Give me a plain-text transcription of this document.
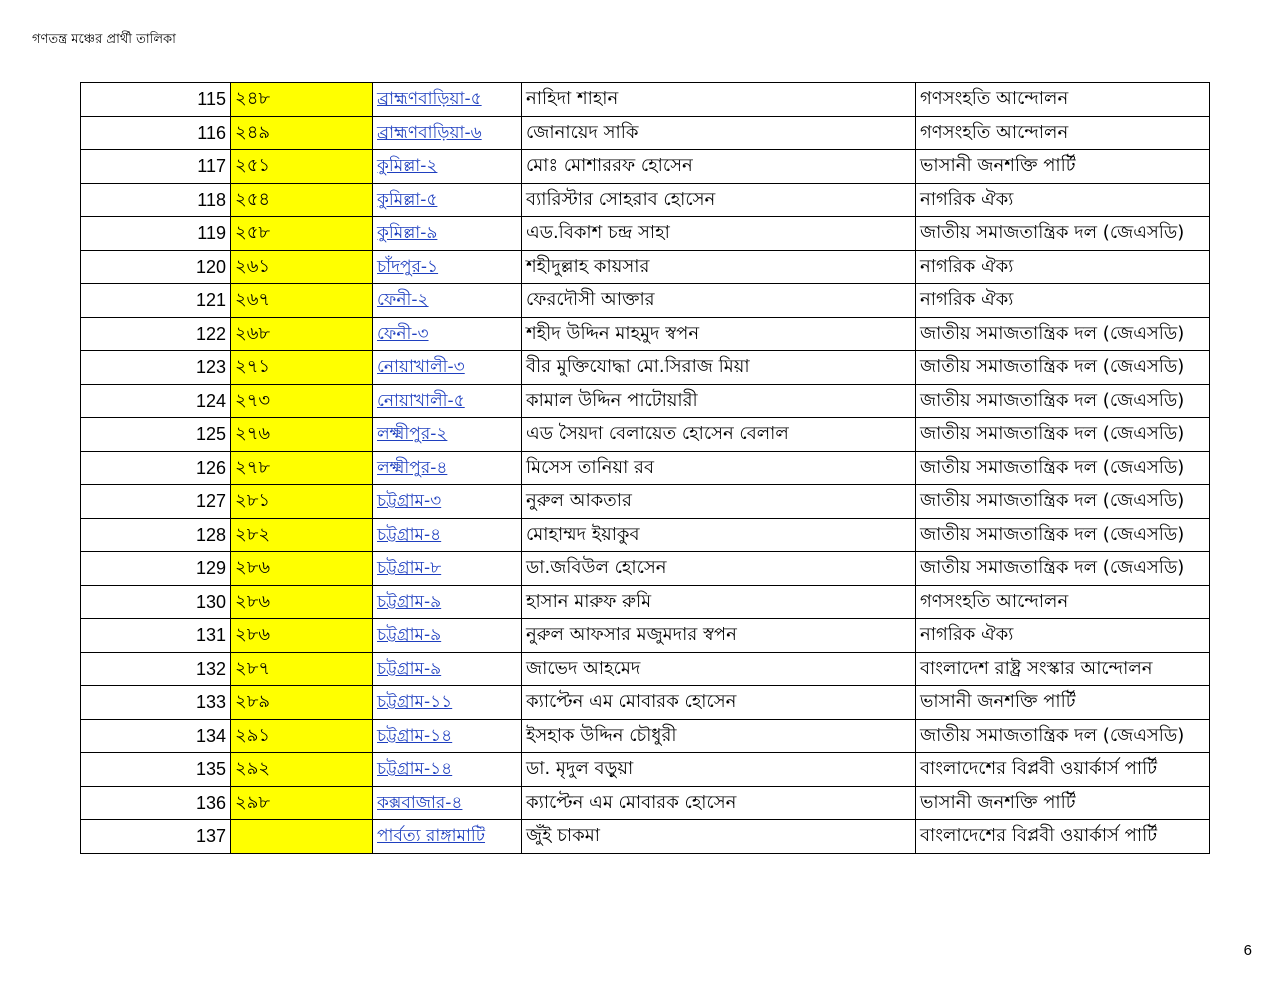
গণতন্ত্র মঞ্চের প্রার্থী তালিকা
115	২৪৮	ব্রাহ্মণবাড়িয়া-৫	নাহিদা শাহান	গণসংহতি আন্দোলন
116	২৪৯	ব্রাহ্মণবাড়িয়া-৬	জোনায়েদ সাকি	গণসংহতি আন্দোলন
117	২৫১	কুমিল্লা-২	মোঃ মোশাররফ হোসেন	ভাসানী জনশক্তি পার্টি
118	২৫৪	কুমিল্লা-৫	ব্যারিস্টার সোহরাব হোসেন	নাগরিক ঐক্য
119	২৫৮	কুমিল্লা-৯	এড.বিকাশ চন্দ্র সাহা	জাতীয় সমাজতান্ত্রিক দল (জেএসডি)
120	২৬১	চাঁদপুর-১	শহীদুল্লাহ কায়সার	নাগরিক ঐক্য
121	২৬৭	ফেনী-২	ফেরদৌসী আক্তার	নাগরিক ঐক্য
122	২৬৮	ফেনী-৩	শহীদ উদ্দিন মাহমুদ স্বপন	জাতীয় সমাজতান্ত্রিক দল (জেএসডি)
123	২৭১	নোয়াখালী-৩	বীর মুক্তিযোদ্ধা মো.সিরাজ মিয়া	জাতীয় সমাজতান্ত্রিক দল (জেএসডি)
124	২৭৩	নোয়াখালী-৫	কামাল উদ্দিন পাটোয়ারী	জাতীয় সমাজতান্ত্রিক দল (জেএসডি)
125	২৭৬	লক্ষ্মীপুর-২	এড সৈয়দা বেলায়েত হোসেন বেলাল	জাতীয় সমাজতান্ত্রিক দল (জেএসডি)
126	২৭৮	লক্ষ্মীপুর-৪	মিসেস তানিয়া রব	জাতীয় সমাজতান্ত্রিক দল (জেএসডি)
127	২৮১	চট্টগ্রাম-৩	নুরুল আকতার	জাতীয় সমাজতান্ত্রিক দল (জেএসডি)
128	২৮২	চট্টগ্রাম-৪	মোহাম্মদ ইয়াকুব	জাতীয় সমাজতান্ত্রিক দল (জেএসডি)
129	২৮৬	চট্টগ্রাম-৮	ডা.জবিউল হোসেন	জাতীয় সমাজতান্ত্রিক দল (জেএসডি)
130	২৮৬	চট্টগ্রাম-৯	হাসান মারুফ রুমি	গণসংহতি আন্দোলন
131	২৮৬	চট্টগ্রাম-৯	নুরুল আফসার মজুমদার স্বপন	নাগরিক ঐক্য
132	২৮৭	চট্টগ্রাম-৯	জাভেদ আহমেদ	বাংলাদেশ রাষ্ট্র সংস্কার আন্দোলন
133	২৮৯	চট্টগ্রাম-১১	ক্যাপ্টেন এম মোবারক হোসেন	ভাসানী জনশক্তি পার্টি
134	২৯১	চট্টগ্রাম-১৪	ইসহাক উদ্দিন চৌধুরী	জাতীয় সমাজতান্ত্রিক দল (জেএসডি)
135	২৯২	চট্টগ্রাম-১৪	ডা. মৃদুল বড়ুয়া	বাংলাদেশের বিপ্লবী ওয়ার্কার্স পার্টি
136	২৯৮	কক্সবাজার-৪	ক্যাপ্টেন এম মোবারক হোসেন	ভাসানী জনশক্তি পার্টি
137		পার্বত্য রাঙ্গামাটি	জুঁই চাকমা	বাংলাদেশের বিপ্লবী ওয়ার্কার্স পার্টি
6
